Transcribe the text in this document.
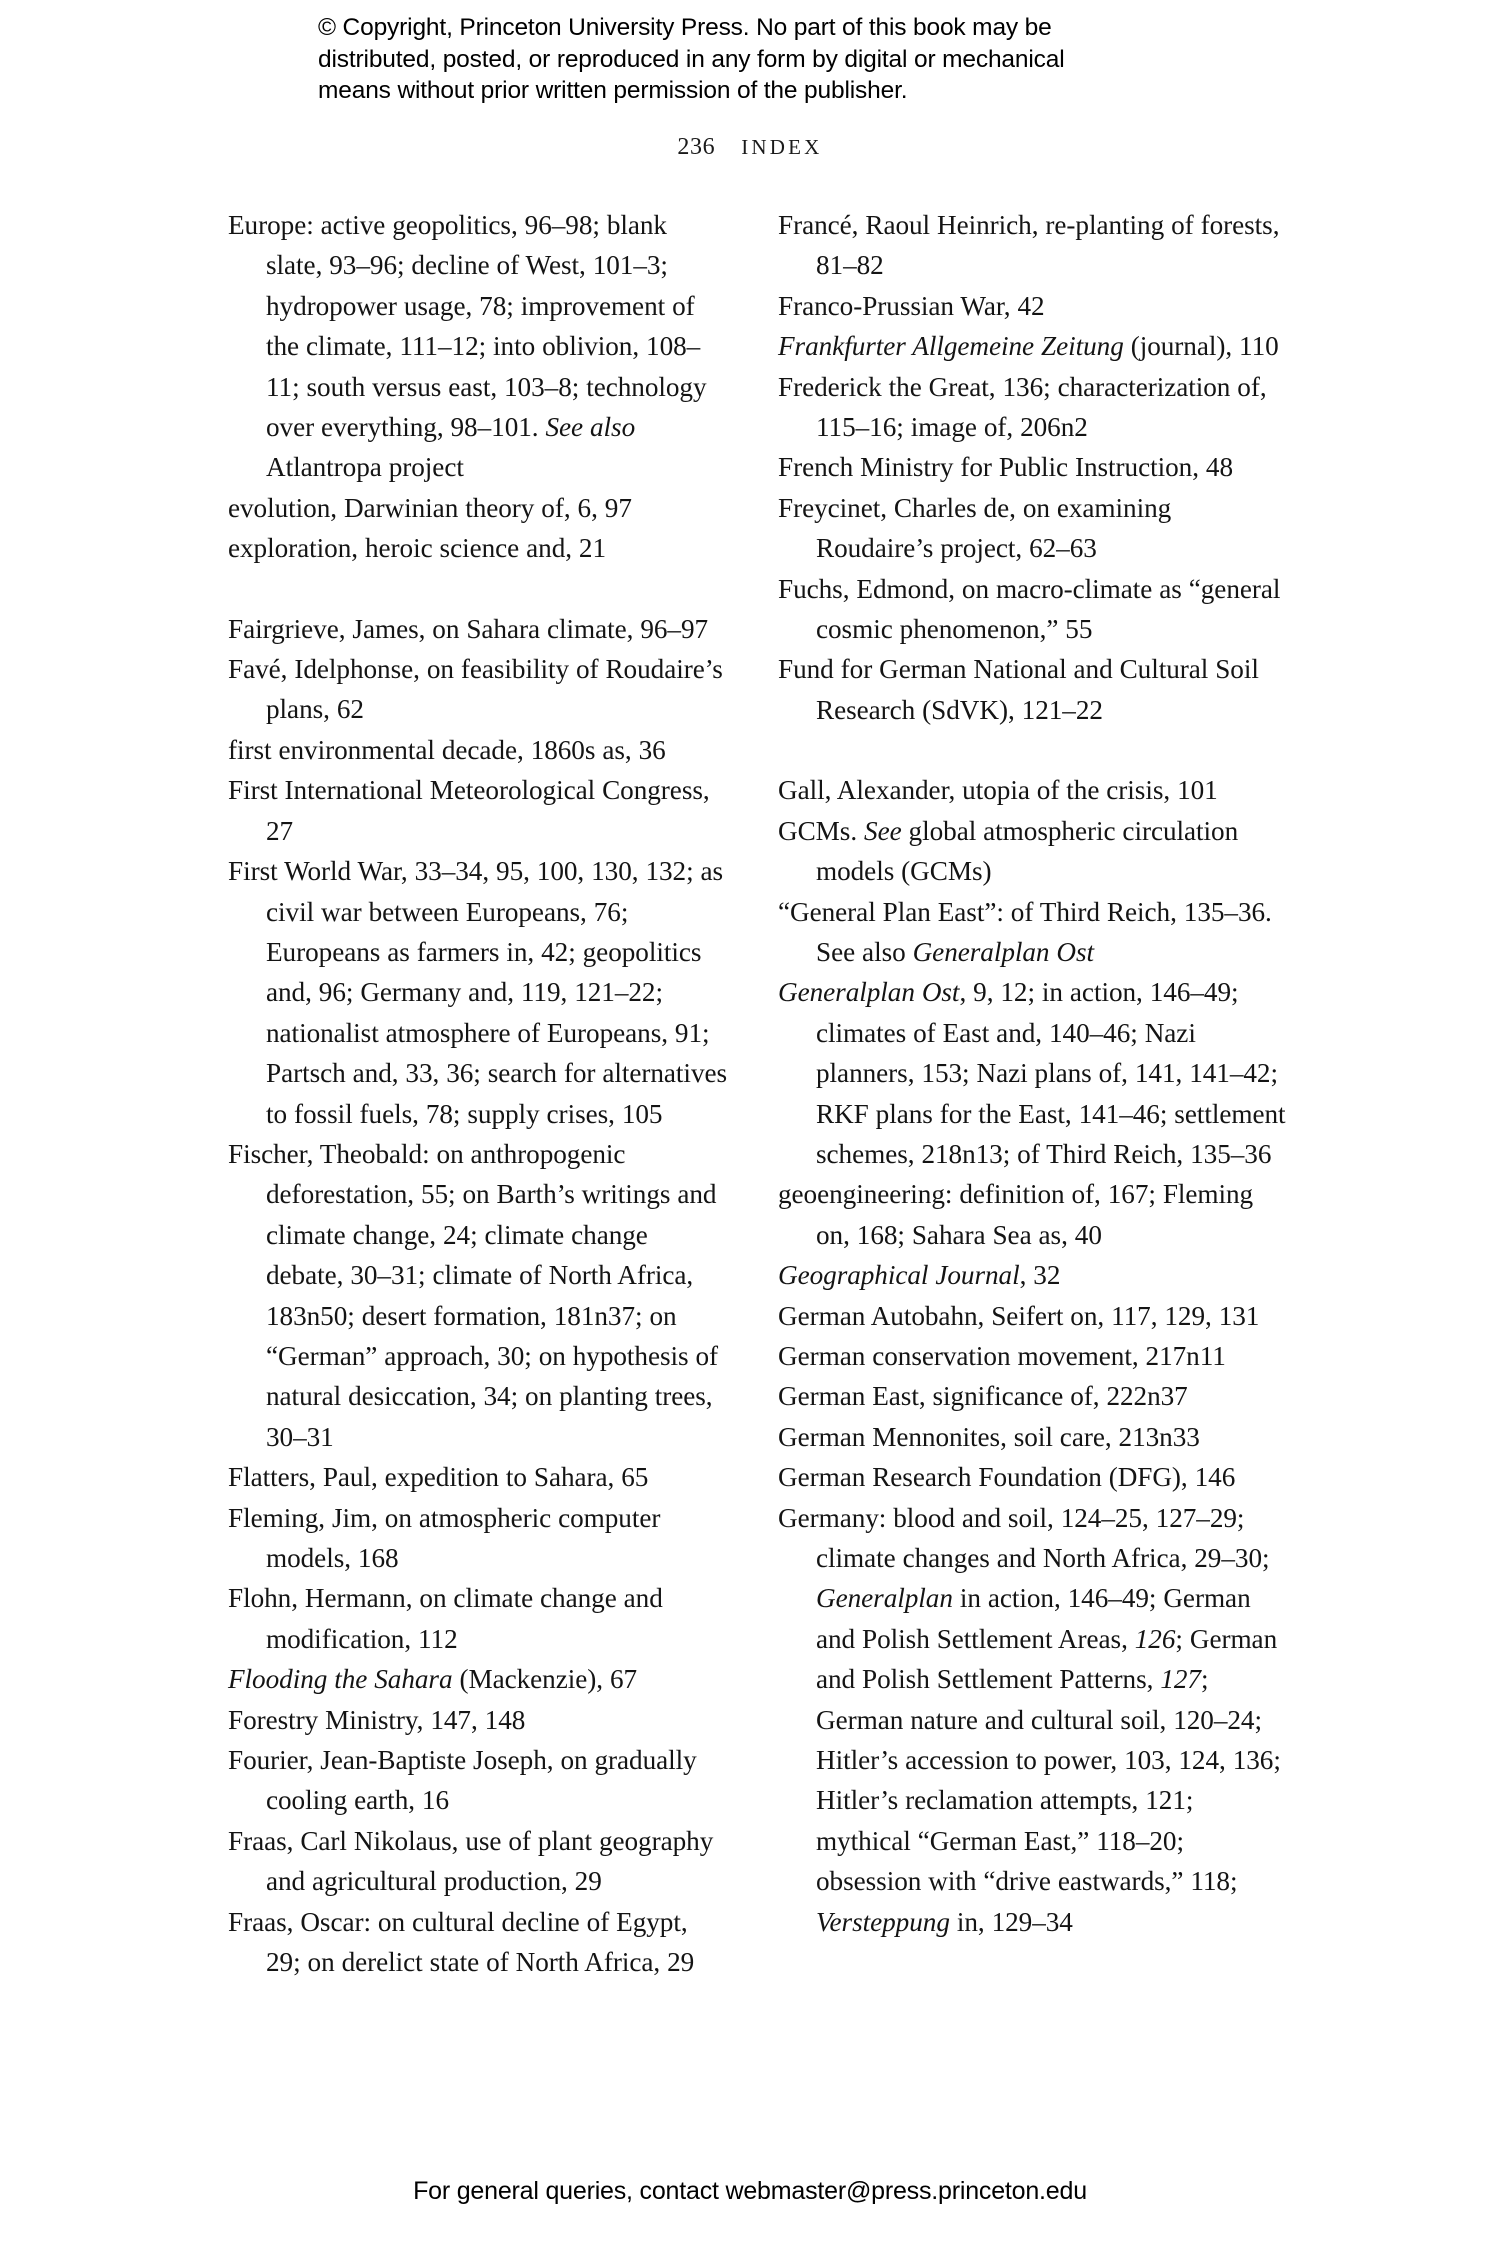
© Copyright, Princeton University Press. No part of this book may be
distributed, posted, or reproduced in any form by digital or mechanical
means without prior written permission of the publisher.
236 INDEX

Europe: active geopolitics, 96–98; blank slate, 93–96; decline of West, 101–3; hydropower usage, 78; improvement of the climate, 111–12; into oblivion, 108–11; south versus east, 103–8; technology over everything, 98–101. See also Atlantropa project

evolution, Darwinian theory of, 6, 97

exploration, heroic science and, 21

Fairgrieve, James, on Sahara climate, 96–97

Favé, Idelphonse, on feasibility of Roudaire’s plans, 62

first environmental decade, 1860s as, 36

First International Meteorological Congress, 27

First World War, 33–34, 95, 100, 130, 132; as civil war between Europeans, 76; Europeans as farmers in, 42; geopolitics and, 96; Germany and, 119, 121–22; nationalist atmosphere of Europeans, 91; Partsch and, 33, 36; search for alternatives to fossil fuels, 78; supply crises, 105

Fischer, Theobald: on anthropogenic deforestation, 55; on Barth’s writings and climate change, 24; climate change debate, 30–31; climate of North Africa, 183n50; desert formation, 181n37; on “German” approach, 30; on hypothesis of natural desiccation, 34; on planting trees, 30–31

Flatters, Paul, expedition to Sahara, 65

Fleming, Jim, on atmospheric computer models, 168

Flohn, Hermann, on climate change and modification, 112

Flooding the Sahara (Mackenzie), 67

Forestry Ministry, 147, 148

Fourier, Jean-Baptiste Joseph, on gradually cooling earth, 16

Fraas, Carl Nikolaus, use of plant geography and agricultural production, 29

Fraas, Oscar: on cultural decline of Egypt, 29; on derelict state of North Africa, 29

Francé, Raoul Heinrich, re-planting of forests, 81–82

Franco-Prussian War, 42

Frankfurter Allgemeine Zeitung (journal), 110

Frederick the Great, 136; characterization of, 115–16; image of, 206n2

French Ministry for Public Instruction, 48

Freycinet, Charles de, on examining Roudaire’s project, 62–63

Fuchs, Edmond, on macro-climate as “general cosmic phenomenon,” 55

Fund for German National and Cultural Soil Research (SdVK), 121–22

Gall, Alexander, utopia of the crisis, 101

GCMs. See global atmospheric circulation models (GCMs)

“General Plan East”: of Third Reich, 135–36. See also Generalplan Ost

Generalplan Ost, 9, 12; in action, 146–49; climates of East and, 140–46; Nazi planners, 153; Nazi plans of, 141, 141–42; RKF plans for the East, 141–46; settlement schemes, 218n13; of Third Reich, 135–36

geoengineering: definition of, 167; Fleming on, 168; Sahara Sea as, 40

Geographical Journal, 32

German Autobahn, Seifert on, 117, 129, 131

German conservation movement, 217n11

German East, significance of, 222n37

German Mennonites, soil care, 213n33

German Research Foundation (DFG), 146

Germany: blood and soil, 124–25, 127–29; climate changes and North Africa, 29–30; Generalplan in action, 146–49; German and Polish Settlement Areas, 126; German and Polish Settlement Patterns, 127; German nature and cultural soil, 120–24; Hitler’s accession to power, 103, 124, 136; Hitler’s reclamation attempts, 121; mythical “German East,” 118–20; obsession with “drive eastwards,” 118; Versteppung in, 129–34

For general queries, contact webmaster@press.princeton.edu
